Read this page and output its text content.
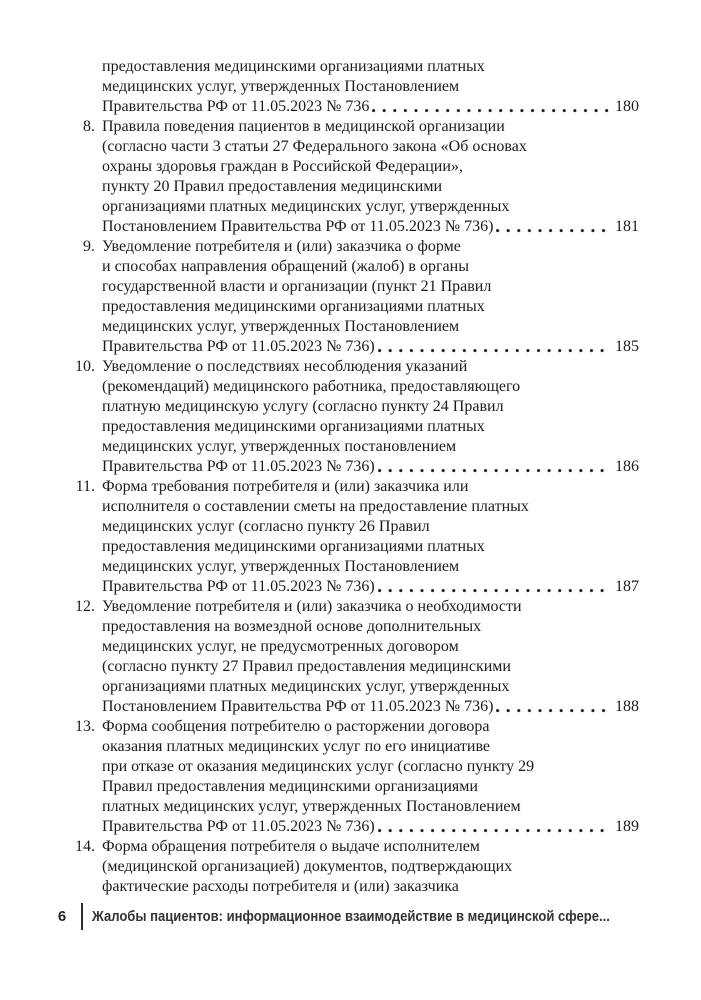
предоставления медицинскими организациями платных
медицинских услуг, утвержденных Постановлением
Правительства РФ от 11.05.2023 № 736	180
8. Правила поведения пациентов в медицинской организации
(согласно части 3 статьи 27 Федерального закона «Об основах
охраны здоровья граждан в Российской Федерации»,
пункту 20 Правил предоставления медицинскими
организациями платных медицинских услуг, утвержденных
Постановлением Правительства РФ от 11.05.2023 № 736)	181
9. Уведомление потребителя и (или) заказчика о форме
и способах направления обращений (жалоб) в органы
государственной власти и организации (пункт 21 Правил
предоставления медицинскими организациями платных
медицинских услуг, утвержденных Постановлением
Правительства РФ от 11.05.2023 № 736)	185
10. Уведомление о последствиях несоблюдения указаний
(рекомендаций) медицинского работника, предоставляющего
платную медицинскую услугу (согласно пункту 24 Правил
предоставления медицинскими организациями платных
медицинских услуг, утвержденных постановлением
Правительства РФ от 11.05.2023 № 736)	186
11. Форма требования потребителя и (или) заказчика или
исполнителя о составлении сметы на предоставление платных
медицинских услуг (согласно пункту 26 Правил
предоставления медицинскими организациями платных
медицинских услуг, утвержденных Постановлением
Правительства РФ от 11.05.2023 № 736)	187
12. Уведомление потребителя и (или) заказчика о необходимости
предоставления на возмездной основе дополнительных
медицинских услуг, не предусмотренных договором
(согласно пункту 27 Правил предоставления медицинскими
организациями платных медицинских услуг, утвержденных
Постановлением Правительства РФ от 11.05.2023 № 736)	188
13. Форма сообщения потребителю о расторжении договора
оказания платных медицинских услуг по его инициативе
при отказе от оказания медицинских услуг (согласно пункту 29
Правил предоставления медицинскими организациями
платных медицинских услуг, утвержденных Постановлением
Правительства РФ от 11.05.2023 № 736)	189
14. Форма обращения потребителя о выдаче исполнителем
(медицинской организацией) документов, подтверждающих
фактические расходы потребителя и (или) заказчика
6	Жалобы пациентов: информационное взаимодействие в медицинской сфере...
